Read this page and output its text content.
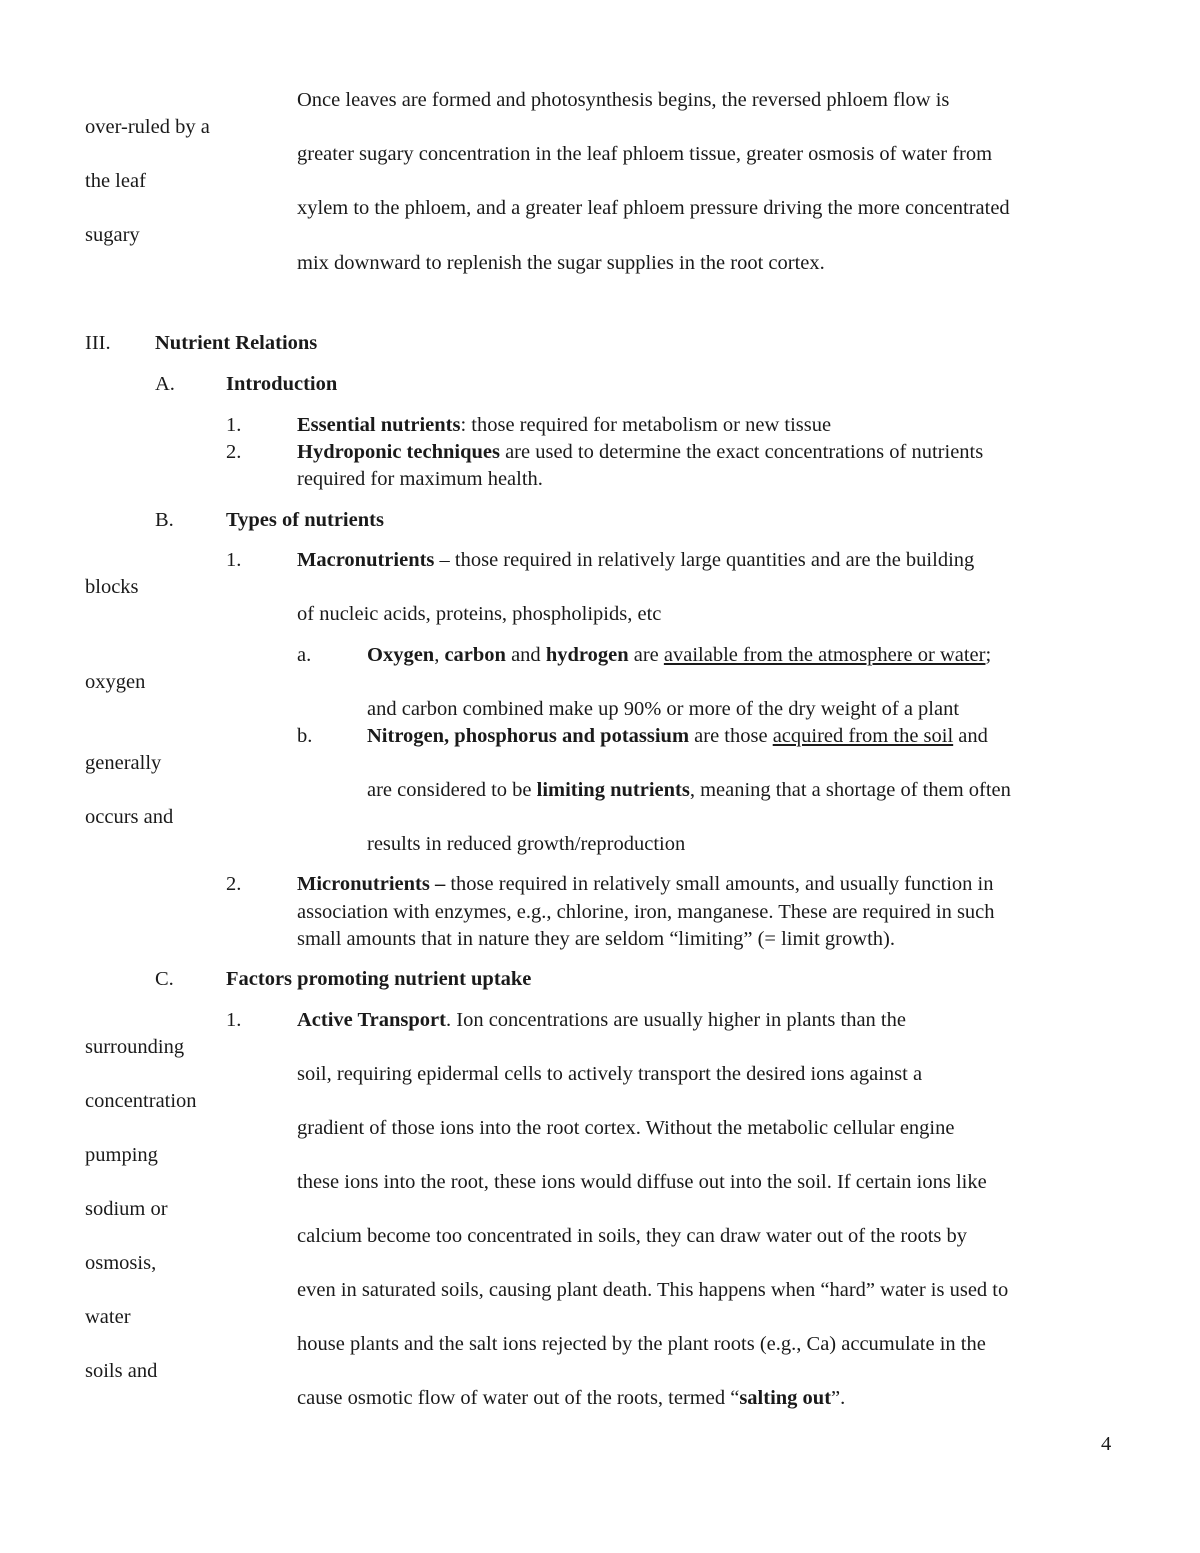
Once leaves are formed and photosynthesis begins, the reversed phloem flow is
over-ruled by a
greater sugary concentration in the leaf phloem tissue, greater osmosis of water from
the leaf
xylem to the phloem, and a greater leaf phloem pressure driving the more concentrated
sugary
mix downward to replenish the sugar supplies in the root cortex.
III. Nutrient Relations
A. Introduction
1.	Essential nutrients: those required for metabolism or new tissue
2.	Hydroponic techniques are used to determine the exact concentrations of nutrients
required for maximum health.
B.	Types of nutrients
1.	Macronutrients – those required in relatively large quantities and are the building
blocks
of nucleic acids, proteins, phospholipids, etc
a.	Oxygen, carbon and hydrogen are available from the atmosphere or water;
oxygen
and carbon combined make up 90% or more of the dry weight of a plant
b.	Nitrogen, phosphorus and potassium are those acquired from the soil and
generally
are considered to be limiting nutrients, meaning that a shortage of them often
occurs and
results in reduced growth/reproduction
2.	Micronutrients – those required in relatively small amounts, and usually function in
association with enzymes, e.g., chlorine, iron, manganese. These are required in such
small amounts that in nature they are seldom “limiting” (= limit growth).
C.	Factors promoting nutrient uptake
1.	Active Transport. Ion concentrations are usually higher in plants than the
surrounding
soil, requiring epidermal cells to actively transport the desired ions against a
concentration
gradient of those ions into the root cortex. Without the metabolic cellular engine
pumping
these ions into the root, these ions would diffuse out into the soil. If certain ions like
sodium or
calcium become too concentrated in soils, they can draw water out of the roots by
osmosis,
even in saturated soils, causing plant death. This happens when “hard” water is used to
water
house plants and the salt ions rejected by the plant roots (e.g., Ca) accumulate in the
soils and
cause osmotic flow of water out of the roots, termed “salting out”.
4
